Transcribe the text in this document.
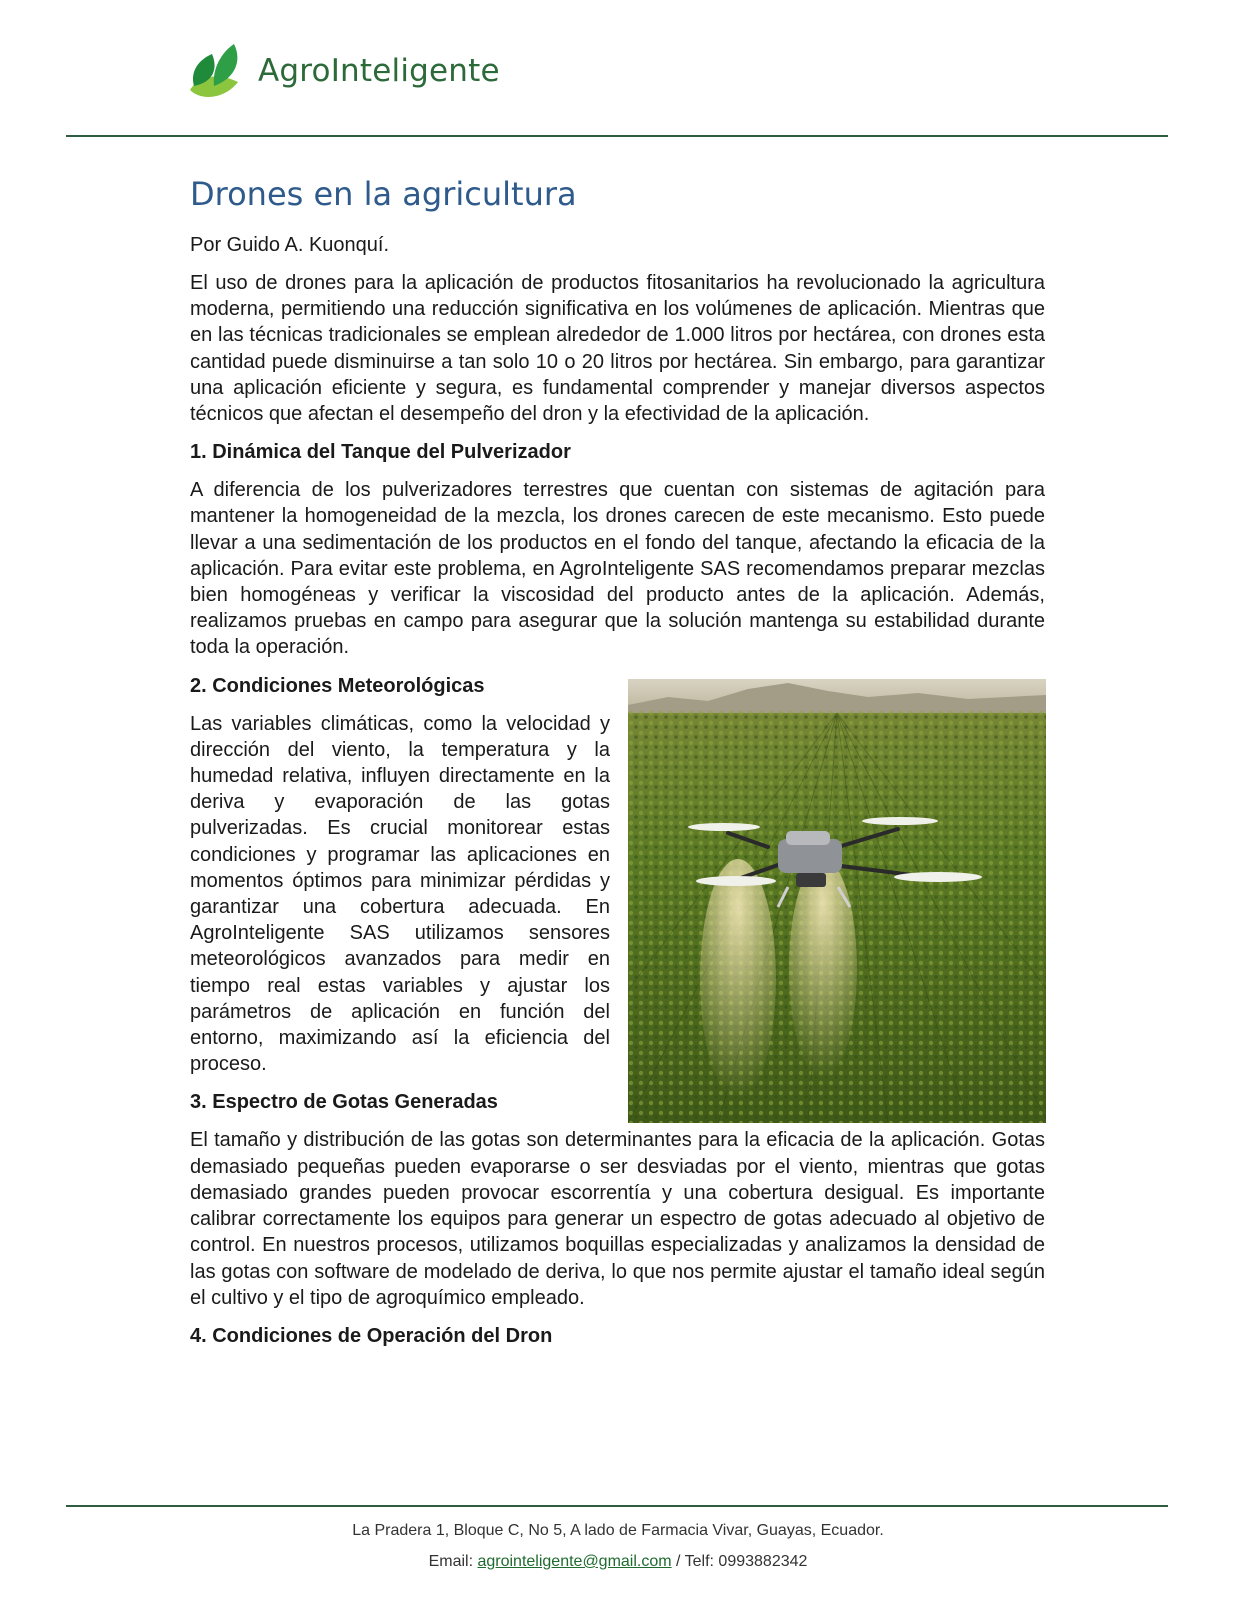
AgroInteligente
Drones en la agricultura
Por Guido A. Kuonquí.

El uso de drones para la aplicación de productos fitosanitarios ha revolucionado la agricultura moderna, permitiendo una reducción significativa en los volúmenes de aplicación. Mientras que en las técnicas tradicionales se emplean alrededor de 1.000 litros por hectárea, con drones esta cantidad puede disminuirse a tan solo 10 o 20 litros por hectárea. Sin embargo, para garantizar una aplicación eficiente y segura, es fundamental comprender y manejar diversos aspectos técnicos que afectan el desempeño del dron y la efectividad de la aplicación.

1. Dinámica del Tanque del Pulverizador

A diferencia de los pulverizadores terrestres que cuentan con sistemas de agitación para mantener la homogeneidad de la mezcla, los drones carecen de este mecanismo. Esto puede llevar a una sedimentación de los productos en el fondo del tanque, afectando la eficacia de la aplicación. Para evitar este problema, en AgroInteligente SAS recomendamos preparar mezclas bien homogéneas y verificar la viscosidad del producto antes de la aplicación. Además, realizamos pruebas en campo para asegurar que la solución mantenga su estabilidad durante toda la operación.

2. Condiciones Meteorológicas

Las variables climáticas, como la velocidad y dirección del viento, la temperatura y la humedad relativa, influyen directamente en la deriva y evaporación de las gotas pulverizadas. Es crucial monitorear estas condiciones y programar las aplicaciones en momentos óptimos para minimizar pérdidas y garantizar una cobertura adecuada. En AgroInteligente SAS utilizamos sensores meteorológicos avanzados para medir en tiempo real estas variables y ajustar los parámetros de aplicación en función del entorno, maximizando así la eficiencia del proceso.

3. Espectro de Gotas Generadas

El tamaño y distribución de las gotas son determinantes para la eficacia de la aplicación. Gotas demasiado pequeñas pueden evaporarse o ser desviadas por el viento, mientras que gotas demasiado grandes pueden provocar escorrentía y una cobertura desigual. Es importante calibrar correctamente los equipos para generar un espectro de gotas adecuado al objetivo de control. En nuestros procesos, utilizamos boquillas especializadas y analizamos la densidad de las gotas con software de modelado de deriva, lo que nos permite ajustar el tamaño ideal según el cultivo y el tipo de agroquímico empleado.

4. Condiciones de Operación del Dron
La Pradera 1, Bloque C, No 5, A lado de Farmacia Vivar, Guayas, Ecuador.
Email: agrointeligente@gmail.com / Telf: 0993882342
